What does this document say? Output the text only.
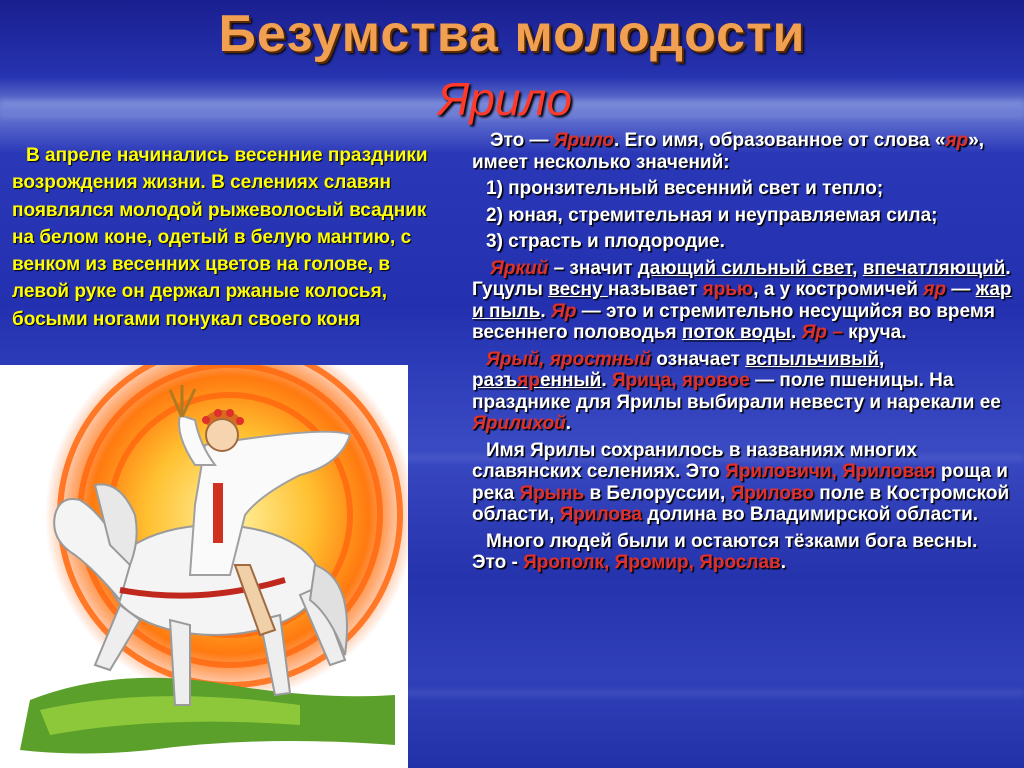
Безумства молодости
Ярило
В апреле начинались весенние праздники возрождения жизни. В селениях славян появлялся молодой рыжеволосый всадник на белом коне, одетый в белую мантию, с венком из весенних цветов на голове, в левой руке он держал ржаные колосья, босыми ногами понукал своего коня

Это — Ярило. Его имя, образованное от слова «яр», имеет несколько значений:

1) пронзительный весенний свет и тепло;

2) юная, стремительная и неуправляемая сила;

3) страсть и плодородие.

Яркий – значит дающий сильный свет, впечатляющий. Гуцулы весну называет ярью, а у костромичей яр — жар и пыль. Яр — это и стремительно несущийся во время весеннего половодья поток воды. Яр – круча.

Ярый, яростный означает вспыльчивый, разъяренный. Ярица, яровое — поле пшеницы. На празднике для Ярилы выбирали невесту и нарекали ее Ярилихой.

Имя Ярилы сохранилось в названиях многих славянских селениях. Это Яриловичи, Яриловая роща и река Ярынь в Белоруссии, Ярилово поле в Костромской области, Ярилова долина во Владимирской области.

Много людей были и остаются тёзками бога весны. Это - Ярополк, Яромир, Ярослав.
